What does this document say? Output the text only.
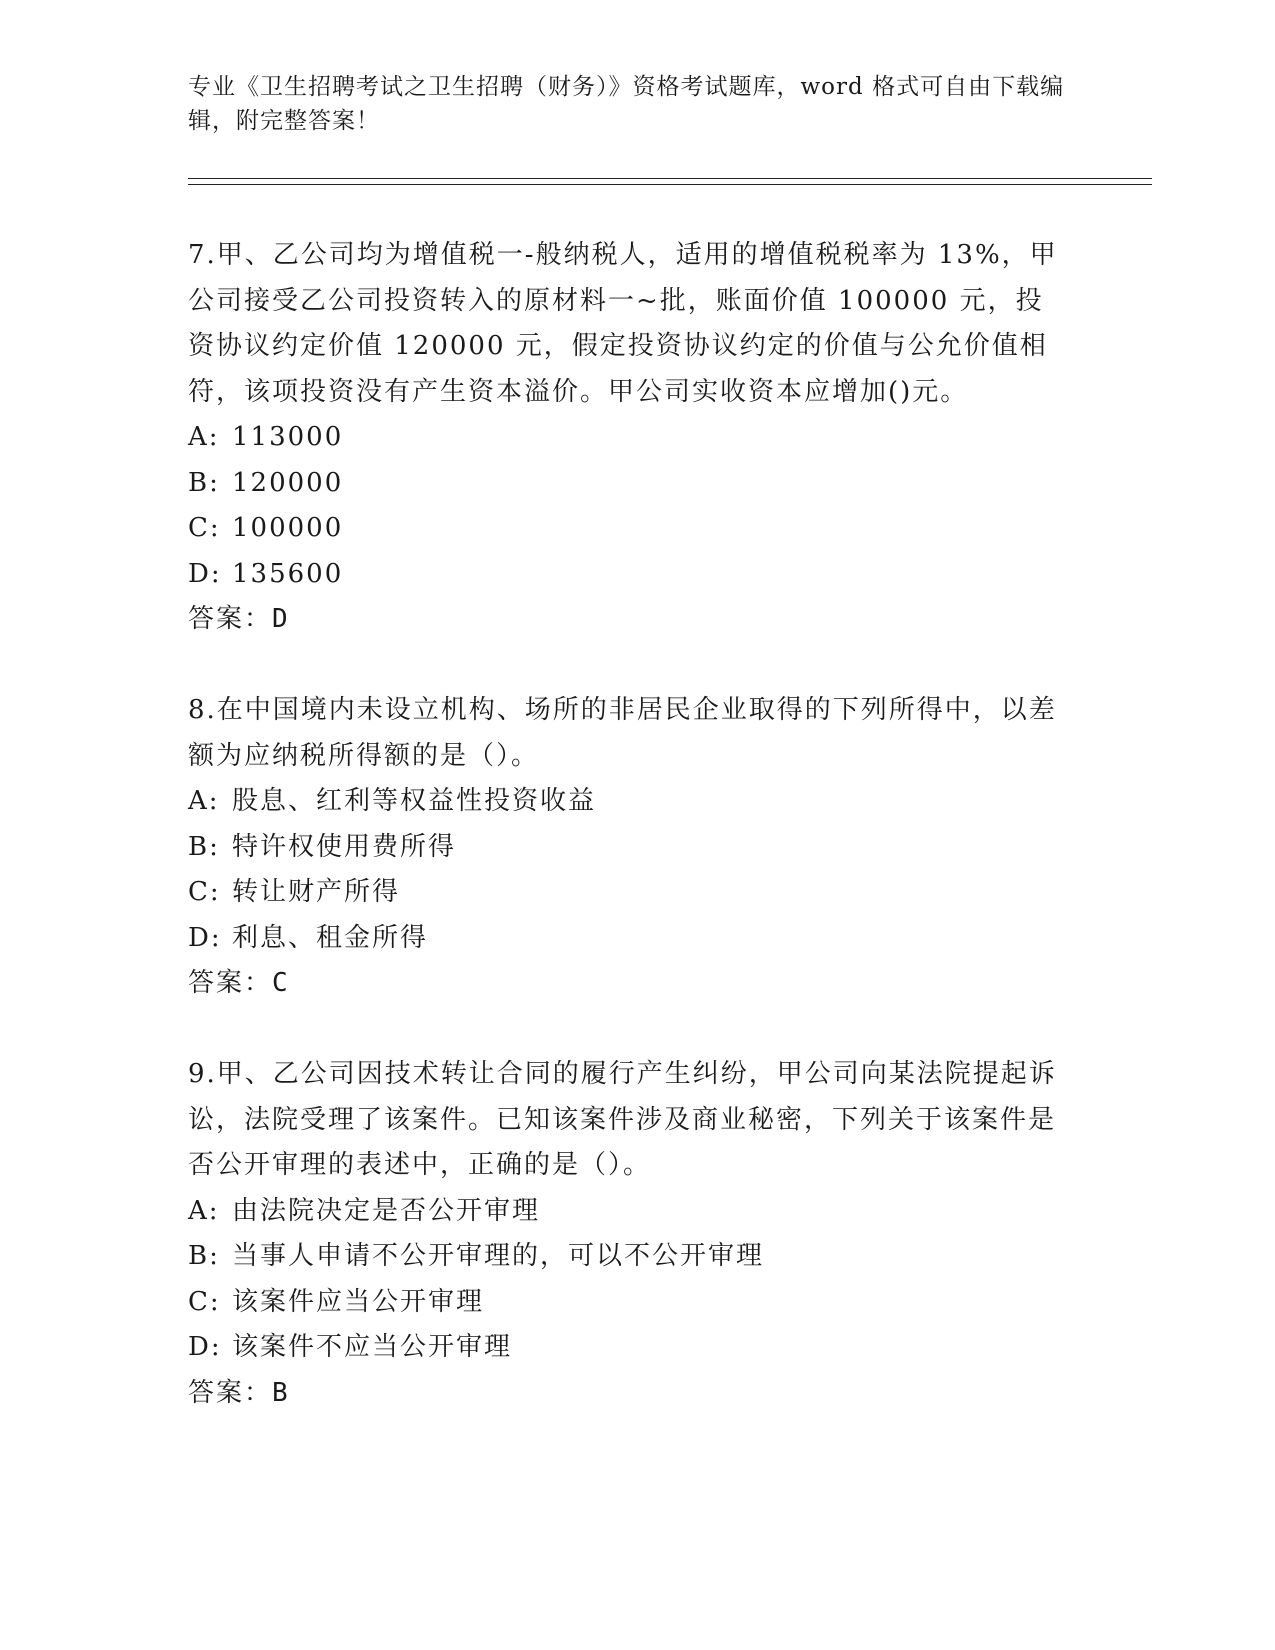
专业《卫生招聘考试之卫生招聘（财务）》资格考试题库，word 格式可自由下载编辑，附完整答案！

7.甲、乙公司均为增值税一-般纳税人，适用的增值税税率为 13%，甲公司接受乙公司投资转入的原材料一~批，账面价值 100000 元，投资协议约定价值 120000 元，假定投资协议约定的价值与公允价值相符，该项投资没有产生资本溢价。甲公司实收资本应增加()元。

A: 113000

B: 120000

C: 100000

D: 135600

答案：D

8.在中国境内未设立机构、场所的非居民企业取得的下列所得中，以差额为应纳税所得额的是（）。

A: 股息、红利等权益性投资收益

B: 特许权使用费所得

C: 转让财产所得

D: 利息、租金所得

答案：C

9.甲、乙公司因技术转让合同的履行产生纠纷，甲公司向某法院提起诉讼，法院受理了该案件。已知该案件涉及商业秘密，下列关于该案件是否公开审理的表述中，正确的是（）。

A: 由法院决定是否公开审理

B: 当事人申请不公开审理的，可以不公开审理

C: 该案件应当公开审理

D: 该案件不应当公开审理

答案：B
